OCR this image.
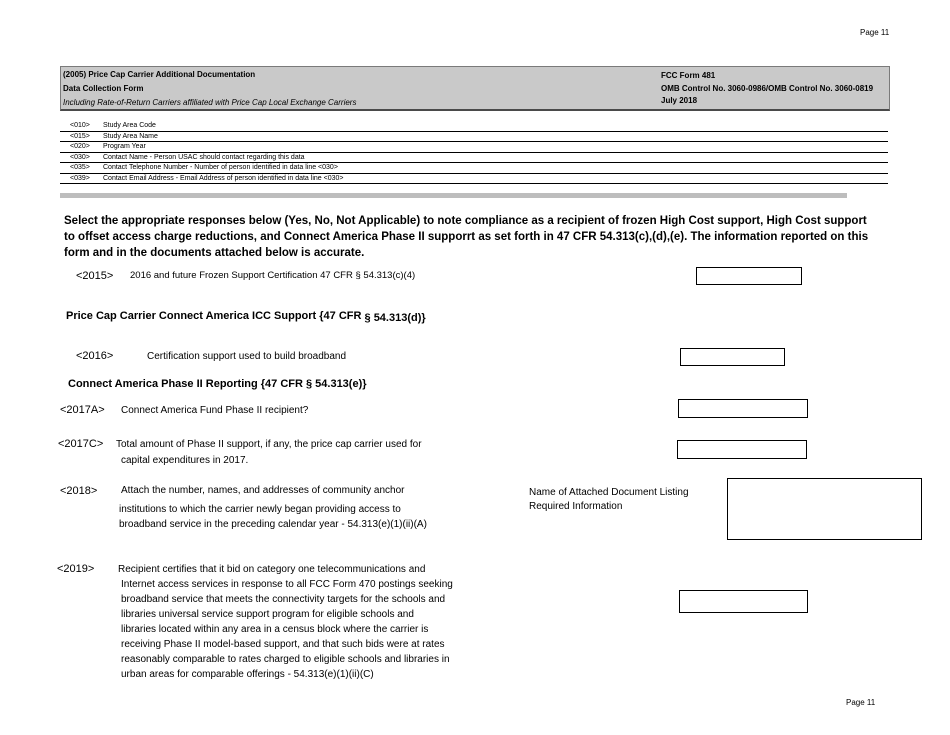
Page 11
(2005) Price Cap Carrier Additional Documentation
Data Collection Form
Including Rate-of-Return Carriers affiliated with Price Cap Local Exchange Carriers
FCC Form 481
OMB Control No. 3060-0986/OMB Control No. 3060-0819
July 2018
<010> Study Area Code
<015> Study Area Name
<020> Program Year
<030> Contact Name - Person USAC should contact regarding this data
<035> Contact Telephone Number - Number of person identified in data line <030>
<039> Contact Email Address - Email Address of person identified in data line <030>
Select the appropriate responses below (Yes, No, Not Applicable) to note compliance as a recipient of frozen High Cost support, High Cost support to offset access charge reductions, and Connect America Phase II supporrt as set forth in 47 CFR 54.313(c),(d),(e). The information reported on this form and in the documents attached below is accurate.
<2015> 2016 and future Frozen Support Certification 47 CFR § 54.313(c)(4)
Price Cap Carrier Connect America ICC Support {47 CFR § 54.313(d)}
<2016>	Certification support used to build broadband
Connect America Phase II Reporting {47 CFR § 54.313(e)}
<2017A> Connect America Fund Phase II recipient?
<2017C> Total amount of Phase II support, if any, the price cap carrier used for
capital expenditures in 2017.
<2018> Attach the number, names, and addresses of community anchor
institutions to which the carrier newly began providing access to
broadband service in the preceding calendar year - 54.313(e)(1)(ii)(A)
Name of Attached Document Listing
Required Information
<2019> Recipient certifies that it bid on category one telecommunications and
Internet access services in response to all FCC Form 470 postings seeking
broadband service that meets the connectivity targets for the schools and
libraries universal service support program for eligible schools and
libraries located within any area in a census block where the carrier is
receiving Phase II model-based support, and that such bids were at rates
reasonably comparable to rates charged to eligible schools and libraries in
urban areas for comparable offerings - 54.313(e)(1)(ii)(C)
Page 11
